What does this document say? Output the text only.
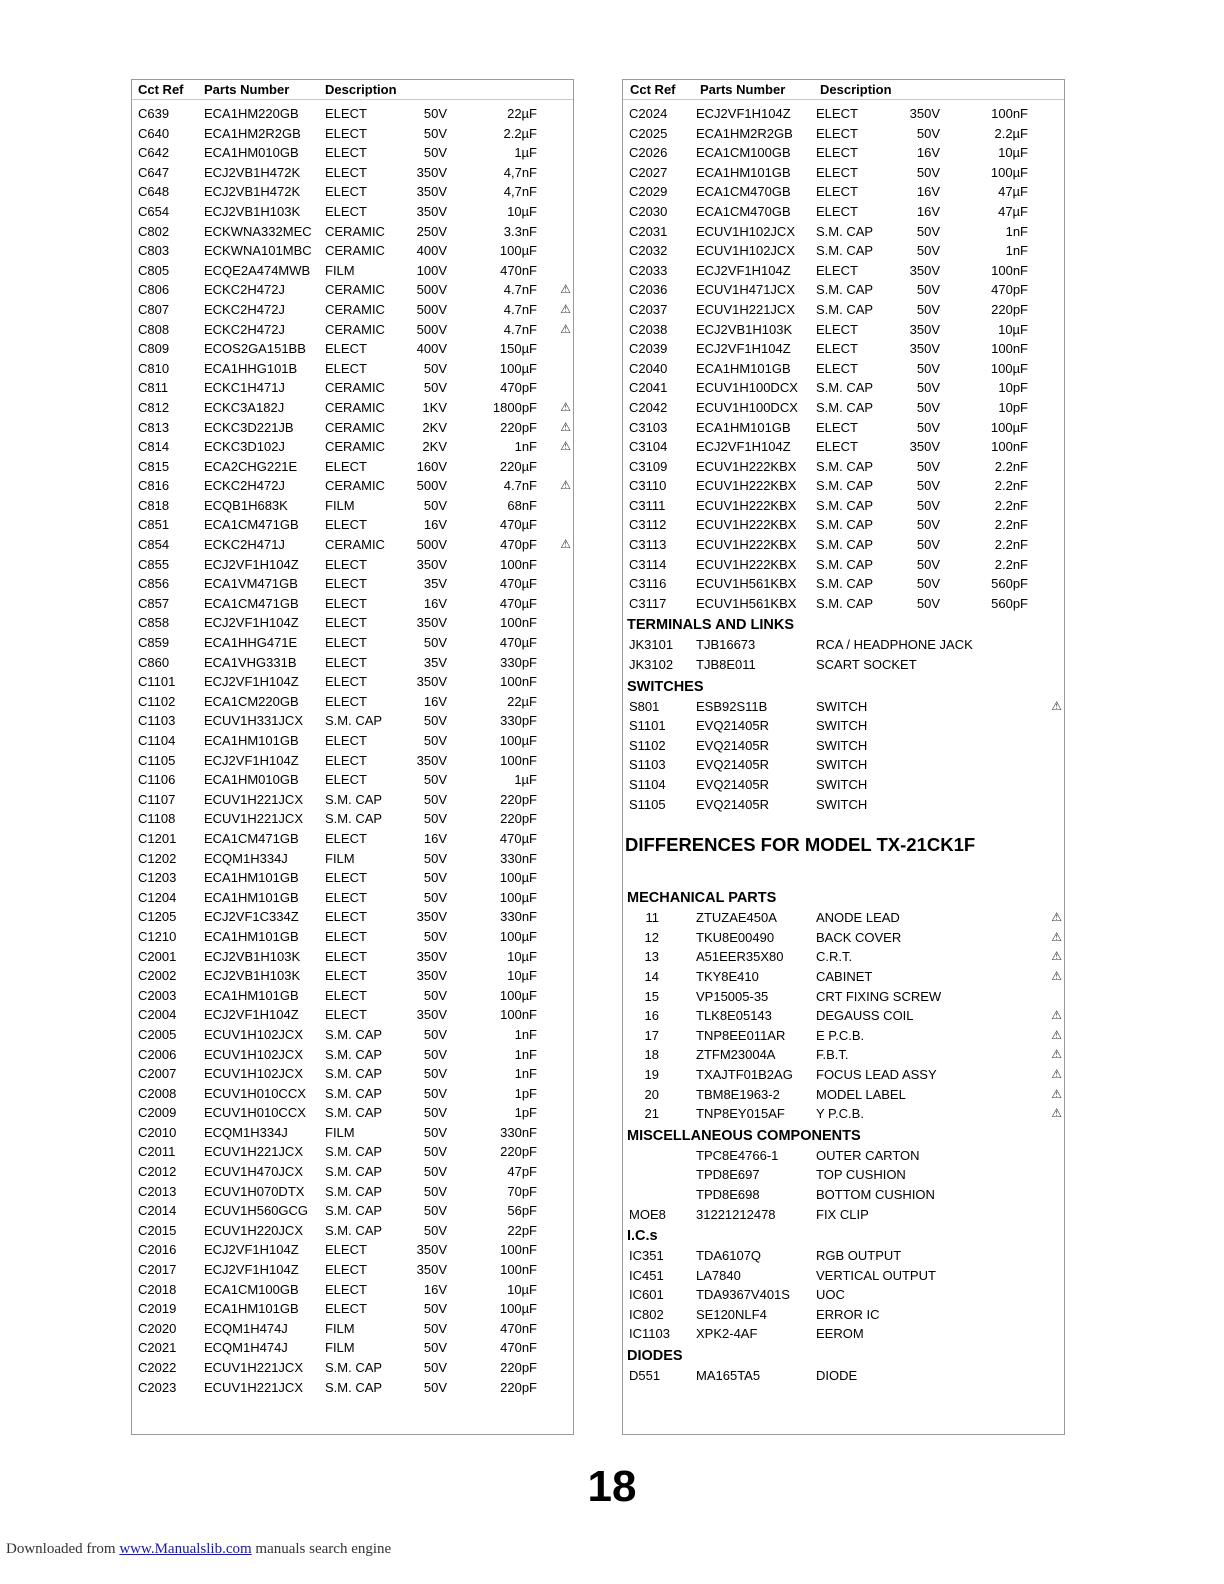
Cct Ref Parts Number	Description
C639	ECA1HM220GB ELECT	50V	22µF
C640	ECA1HM2R2GB ELECT	50V	2.2µF
C642	ECA1HM010GB ELECT	50V	1µF
C647	ECJ2VB1H472K ELECT	350V	4,7nF
C648	ECJ2VB1H472K ELECT	350V	4,7nF
C654	ECJ2VB1H103K ELECT	350V	10µF
C802	ECKWNA332MEC CERAMIC 250V	3.3nF
C803	ECKWNA101MBC CERAMIC 400V	100µF
C805	ECQE2A474MWB FILM	100V	470nF
C806	ECKC2H472J	CERAMIC 500V	4.7nF ⚠
C807	ECKC2H472J	CERAMIC 500V	4.7nF ⚠
C808	ECKC2H472J	CERAMIC 500V	4.7nF ⚠
C809	ECOS2GA151BB ELECT	400V	150µF
C810	ECA1HHG101B ELECT	50V	100µF
C811	ECKC1H471J	CERAMIC	50V	470pF
C812	ECKC3A182J	CERAMIC	1KV	1800pF ⚠
C813	ECKC3D221JB CERAMIC	2KV	220pF ⚠
C814	ECKC3D102J	CERAMIC	2KV	1nF ⚠
C815	ECA2CHG221E ELECT	160V	220µF
C816	ECKC2H472J	CERAMIC 500V	4.7nF ⚠
C818	ECQB1H683K	FILM	50V	68nF
C851	ECA1CM471GB ELECT	16V	470µF
C854	ECKC2H471J	CERAMIC 500V	470pF ⚠
C855	ECJ2VF1H104Z ELECT	350V	100nF
C856	ECA1VM471GB ELECT	35V	470µF
C857	ECA1CM471GB ELECT	16V	470µF
C858	ECJ2VF1H104Z ELECT	350V	100nF
C859	ECA1HHG471E ELECT	50V	470µF
C860	ECA1VHG331B ELECT	35V	330pF
C1101 ECJ2VF1H104Z ELECT	350V	100nF
C1102 ECA1CM220GB ELECT	16V	22µF
C1103 ECUV1H331JCX S.M. CAP	50V	330pF
C1104 ECA1HM101GB ELECT	50V	100µF
C1105 ECJ2VF1H104Z ELECT	350V	100nF
C1106 ECA1HM010GB ELECT	50V	1µF
C1107 ECUV1H221JCX S.M. CAP	50V	220pF
C1108 ECUV1H221JCX S.M. CAP	50V	220pF
C1201 ECA1CM471GB ELECT	16V	470µF
C1202 ECQM1H334J	FILM	50V	330nF
C1203 ECA1HM101GB ELECT	50V	100µF
C1204 ECA1HM101GB ELECT	50V	100µF
C1205 ECJ2VF1C334Z ELECT	350V	330nF
C1210 ECA1HM101GB ELECT	50V	100µF
C2001 ECJ2VB1H103K ELECT	350V	10µF
C2002 ECJ2VB1H103K ELECT	350V	10µF
C2003 ECA1HM101GB ELECT	50V	100µF
C2004 ECJ2VF1H104Z ELECT	350V	100nF
C2005 ECUV1H102JCX S.M. CAP	50V	1nF
C2006 ECUV1H102JCX S.M. CAP	50V	1nF
C2007 ECUV1H102JCX S.M. CAP	50V	1nF
C2008 ECUV1H010CCX S.M. CAP	50V	1pF
C2009 ECUV1H010CCX S.M. CAP	50V	1pF
C2010 ECQM1H334J	FILM	50V	330nF
C2011 ECUV1H221JCX S.M. CAP	50V	220pF
C2012 ECUV1H470JCX S.M. CAP	50V	47pF
C2013 ECUV1H070DTX S.M. CAP	50V	70pF
C2014 ECUV1H560GCG S.M. CAP	50V	56pF
C2015 ECUV1H220JCX S.M. CAP	50V	22pF
C2016 ECJ2VF1H104Z ELECT	350V	100nF
C2017 ECJ2VF1H104Z ELECT	350V	100nF
C2018 ECA1CM100GB ELECT	16V	10µF
C2019 ECA1HM101GB ELECT	50V	100µF
C2020 ECQM1H474J	FILM	50V	470nF
C2021 ECQM1H474J	FILM	50V	470nF
C2022 ECUV1H221JCX S.M. CAP	50V	220pF
C2023 ECUV1H221JCX S.M. CAP	50V	220pF
Cct Ref Parts Number	Description
C2024 ECJ2VF1H104Z ELECT	350V	100nF
C2025 ECA1HM2R2GB ELECT	50V	2.2µF
C2026 ECA1CM100GB ELECT	16V	10µF
C2027 ECA1HM101GB ELECT	50V	100µF
C2029 ECA1CM470GB ELECT	16V	47µF
C2030 ECA1CM470GB ELECT	16V	47µF
C2031 ECUV1H102JCX S.M. CAP	50V	1nF
C2032 ECUV1H102JCX S.M. CAP	50V	1nF
C2033 ECJ2VF1H104Z ELECT	350V	100nF
C2036 ECUV1H471JCX S.M. CAP	50V	470pF
C2037 ECUV1H221JCX S.M. CAP	50V	220pF
C2038 ECJ2VB1H103K ELECT	350V	10µF
C2039 ECJ2VF1H104Z ELECT	350V	100nF
C2040 ECA1HM101GB ELECT	50V	100µF
C2041 ECUV1H100DCX S.M. CAP	50V	10pF
C2042 ECUV1H100DCX S.M. CAP	50V	10pF
C3103 ECA1HM101GB ELECT	50V	100µF
C3104 ECJ2VF1H104Z ELECT	350V	100nF
C3109 ECUV1H222KBX S.M. CAP	50V	2.2nF
C3110 ECUV1H222KBX S.M. CAP	50V	2.2nF
C3111 ECUV1H222KBX S.M. CAP	50V	2.2nF
C3112 ECUV1H222KBX S.M. CAP	50V	2.2nF
C3113 ECUV1H222KBX S.M. CAP	50V	2.2nF
C3114 ECUV1H222KBX S.M. CAP	50V	2.2nF
C3116 ECUV1H561KBX S.M. CAP	50V	560pF
C3117 ECUV1H561KBX S.M. CAP	50V	560pF
TERMINALS AND LINKS
JK3101 TJB16673	RCA / HEADPHONE JACK
JK3102 TJB8E011	SCART SOCKET
SWITCHES
S801	ESB92S11B	SWITCH	⚠
S1101 EVQ21405R	SWITCH
S1102 EVQ21405R	SWITCH
S1103 EVQ21405R	SWITCH
S1104 EVQ21405R	SWITCH
S1105 EVQ21405R	SWITCH
DIFFERENCES FOR MODEL TX-21CK1F
MECHANICAL PARTS
11	ZTUZAE450A	ANODE LEAD	⚠
12	TKU8E00490	BACK COVER	⚠
13	A51EER35X80	C.R.T.	⚠
14	TKY8E410	CABINET	⚠
15	VP15005-35	CRT FIXING SCREW
16	TLK8E05143	DEGAUSS COIL	⚠
17	TNP8EE011AR E P.C.B.	⚠
18	ZTFM23004A	F.B.T.	⚠
19	TXAJTF01B2AG FOCUS LEAD ASSY	⚠
20	TBM8E1963-2	MODEL LABEL	⚠
21	TNP8EY015AF Y P.C.B.	⚠
MISCELLANEOUS COMPONENTS
TPC8E4766-1	OUTER CARTON
TPD8E697	TOP CUSHION
TPD8E698	BOTTOM CUSHION
MOE8 31221212478	FIX CLIP
I.C.s
IC351 TDA6107Q	RGB OUTPUT
IC451 LA7840	VERTICAL OUTPUT
IC601 TDA9367V401S UOC
IC802 SE120NLF4	ERROR IC
IC1103 XPK2-4AF	EEROM
DIODES
D551	MA165TA5	DIODE
18
Downloaded from www.Manualslib.com manuals search engine
